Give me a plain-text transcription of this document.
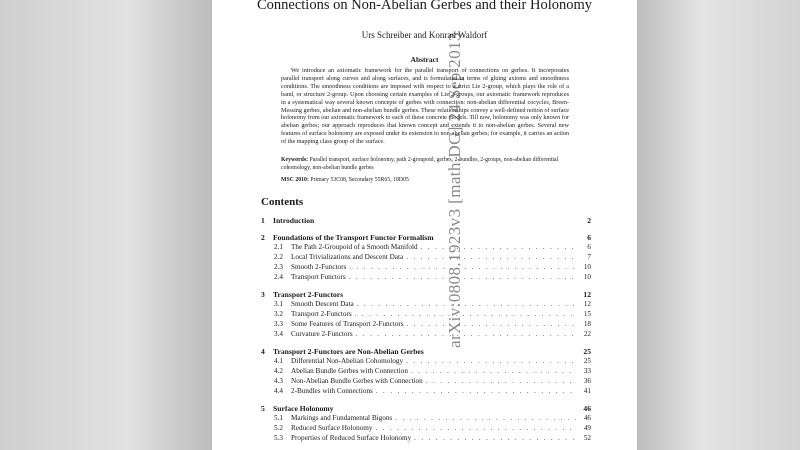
arXiv:0808.1923v3 [math.DG] 24 Sep 2013
Connections on Non-Abelian Gerbes and their Holonomy
Urs Schreiber and Konrad Waldorf
Abstract
We introduce an axiomatic framework for the parallel transport of connections on gerbes. It incorporates parallel transport along curves and along surfaces, and is formulated in terms of gluing axioms and smoothness conditions. The smoothness conditions are imposed with respect to a strict Lie 2-group, which plays the role of a band, or structure 2-group. Upon choosing certain examples of Lie 2-groups, our axiomatic framework reproduces in a systematical way several known concepts of gerbes with connection: non-abelian differential cocycles, Breen-Messing gerbes, abelian and non-abelian bundle gerbes. These relationships convey a well-defined notion of surface holonomy from our axiomatic framework to each of these concrete models. Till now, holonomy was only known for abelian gerbes; our approach reproduces that known concept and extends it to non-abelian gerbes. Several new features of surface holonomy are exposed under its extension to non-abelian gerbes; for example, it carries an action of the mapping class group of the surface.
Keywords: Parallel transport, surface holonomy, path 2-groupoid, gerbes, 2-bundles, 2-groups, non-abelian differential cohomology, non-abelian bundle gerbes
MSC 2010: Primary 53C08, Secondary 55R65, 18D05
Contents
1	Introduction	2
2	Foundations of the Transport Functor Formalism	6
2.1	The Path 2-Groupoid of a Smooth Manifold . . .	6
2.2	Local Trivializations and Descent Data . . .	7
2.3	Smooth 2-Functors . . .	10
2.4	Transport Functors . . .	10
3	Transport 2-Functors	12
3.1	Smooth Descent Data . . .	12
3.2	Transport 2-Functors . . .	15
3.3	Some Features of Transport 2-Functors . . .	18
3.4	Curvature 2-Functors . . .	22
4	Transport 2-Functors are Non-Abelian Gerbes	25
4.1	Differential Non-Abelian Cohomology . . .	25
4.2	Abelian Bundle Gerbes with Connection . . .	33
4.3	Non-Abelian Bundle Gerbes with Connection . . .	36
4.4	2-Bundles with Connections . . .	41
5	Surface Holonomy	46
5.1	Markings and Fundamental Bigons . . .	46
5.2	Reduced Surface Holonomy . . .	49
5.3	Properties of Reduced Surface Holonomy . . .	52
